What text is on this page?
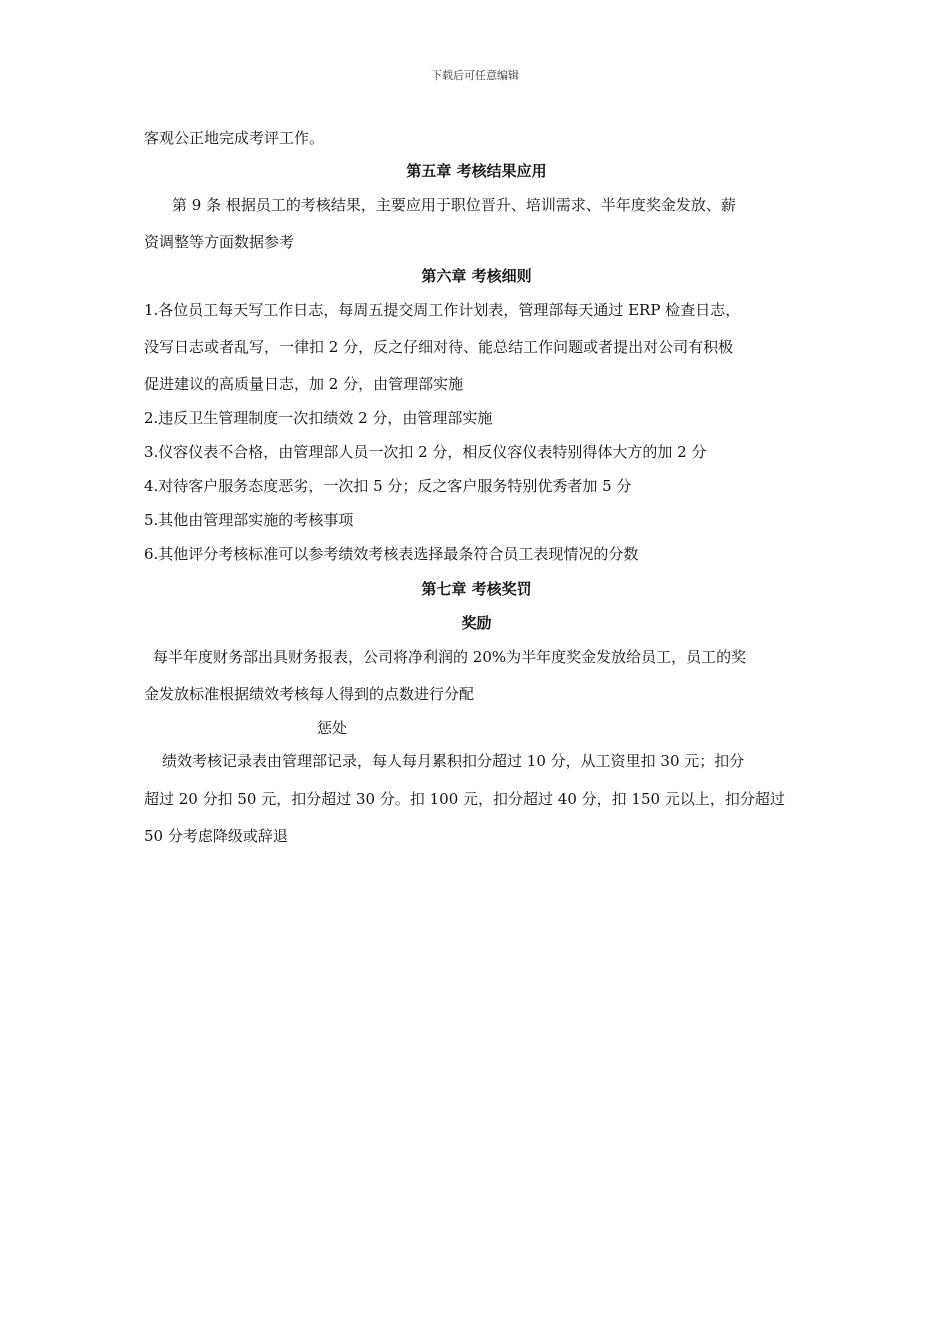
下载后可任意编辑
客观公正地完成考评工作。
第五章 考核结果应用
第 9 条 根据员工的考核结果，主要应用于职位晋升、培训需求、半年度奖金发放、薪
资调整等方面数据参考
第六章 考核细则
1.各位员工每天写工作日志，每周五提交周工作计划表，管理部每天通过 ERP 检查日志，
没写日志或者乱写，一律扣 2 分，反之仔细对待、能总结工作问题或者提出对公司有积极
促进建议的高质量日志，加 2 分，由管理部实施
2.违反卫生管理制度一次扣绩效 2 分，由管理部实施
3.仪容仪表不合格，由管理部人员一次扣 2 分，相反仪容仪表特别得体大方的加 2 分
4.对待客户服务态度恶劣，一次扣 5 分；反之客户服务特别优秀者加 5 分
5.其他由管理部实施的考核事项
6.其他评分考核标准可以参考绩效考核表选择最条符合员工表现情况的分数
第七章 考核奖罚
奖励
每半年度财务部出具财务报表，公司将净利润的 20%为半年度奖金发放给员工，员工的奖
金发放标准根据绩效考核每人得到的点数进行分配
惩处
绩效考核记录表由管理部记录，每人每月累积扣分超过 10 分，从工资里扣 30 元；扣分
超过 20 分扣 50 元，扣分超过 30 分。扣 100 元，扣分超过 40 分，扣 150 元以上，扣分超过
50 分考虑降级或辞退
